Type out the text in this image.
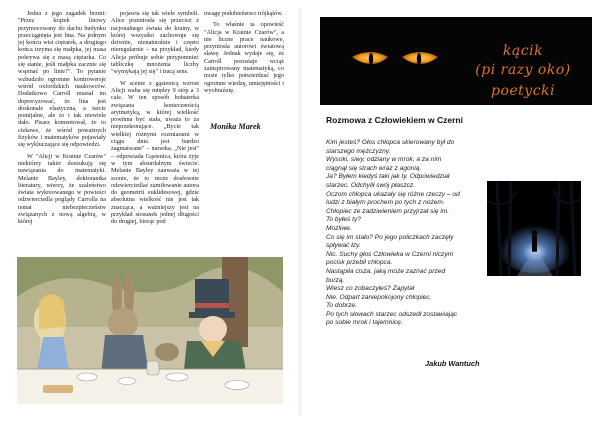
Jedna z jego zagadek brzmi: "Przez krążek linowy przymocowany do dachu budynku przeciągnięta jest lina. Na jednym jej końcu wisi ciężarek, a drugiego końca trzyma się małpka, jej masa pokrywa się z masą ciężarka. Co się stanie, jeśli małpka zacznie się wspinać po linie?". To pytanie wzbudziło ogromne kontrowersje wśród oxfordzkich naukowców. Dodatkowo Carroll musiał im doprecyzować, że lina jest doskonale elastyczna, a tarcie pomijalne, ale to i tak niewiele dało. Pisarz komentował, że to ciekawe, że wśród poważnych fizyków i matematyków pojawiały się wykluczające się odpowiedzi.

W "Alicji w Krainie Czarów" niektórzy także doszukują się nawiązania do matematyki. Melanie Bayley, doktorantka literatury, wierzy, że szaleństwo świata wykreowanego w powieści odzwierciedla poglądy Carrolla na temat niebezpieczeństw związanych z nową algebrą, w której

pojawia się tak wiele symboli. Alice przeniosła się przecież z racjonalnego świata do krainy, w której wszystko zachowuje się dziwnie, nienaturalnie i często nieregularnie – na przykład, kiedy Alicja próbuje sobie przypomnieć tabliczkę mnożenia liczby "wymykają jej się" i tracą sens.

W scenie z gąsienicą wzrost Alicji waha się między 9 stóp a 3 cale. W ten sposób bohaterka związana koniecznością arytmetyką, w której wielkość powinna być stała, uważa to za nieprzekonujące. „Bycie tak wielkiej różnymi rozmiarami w ciągu dnia jest bardzo zagmatwane" – narzeka. „Nie jest" – odpowiada Gąsienica, która żyje w tym absurdalnym świecie. Melanie Bayley zauważa w tej scenie, że to może dosłownie odzwierciedlać zamiłowanie autora do geometrii euklidesowej, gdzie absolutna wielkość nie jest tak znacząca, a ważniejszy jest na przykład stosunek jednej długości do drugiej, biorąc pod

uwagę podobieństwo trójkątów.

To właśnie ta opowieść "Alicja w Krainie Czarów", a nie liczne prace naukowe, przyniosła autorowi światową sławę. Jednak wydaje się, że Carroll pozostaje wciąż zainspirowany matematyką, co może tylko potwierdzać jego ogromne wiedzę, umiejętności i wyobraźnię.

Monika Marek
kącik
(pi razy oko)
poetycki
Rozmowa z Człowiekiem w Czerni
Kim jesteś? Głos chłopca skierowany był do
starszego mężczyzny.
Wysoki, siwy, odziany w mrok, a za nim
ciągnął się strach wraz z agonią.
Ja? Byłem kiedyś taki jak ty. Odpowiedział
starzec. Odchylił swój płaszcz.
Oczom chłopca ukazały się różne rzeczy – od
ludzi z białym prochem po tych z nożem.
Chłopiec ze zadziwieniem przyjrzał się im.
To byłeś ty?
Możliwe.
Co się im stało? Po jego policzkach zaczęły
spływać łzy.
Nic. Suchy głos Człowieka w Czerni niczym
pocisk przebił chłopca.
Nastąpiła cisza, jaką może zaznać przed
burzą.
Wiesz co zobaczyłeś? Zapytał
Nie. Odpart zaniepokojony chłopiec.
To dobrze.
Po tych słowach starzec odszedł zostawiając
po sobie mrok i tajemnicę.
Jakub Wantuch
